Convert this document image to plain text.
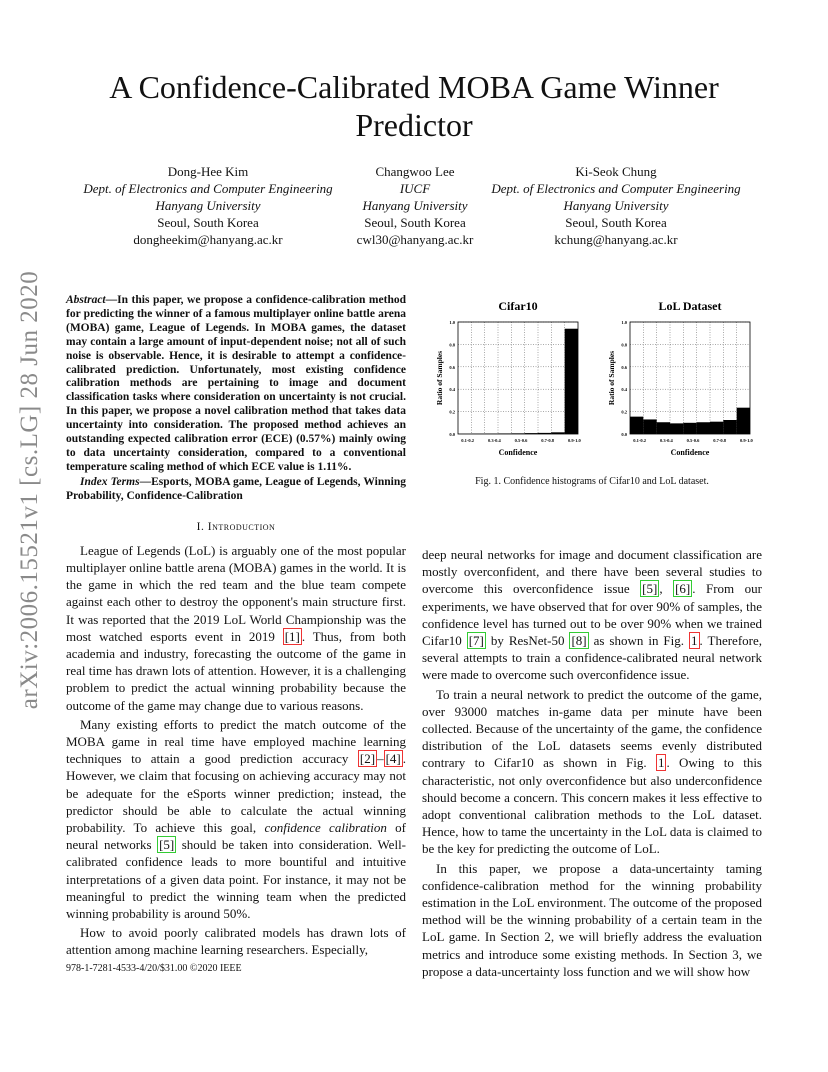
arXiv:2006.15521v1 [cs.LG] 28 Jun 2020
A Confidence-Calibrated MOBA Game Winner Predictor
Dong-Hee Kim
Dept. of Electronics and Computer Engineering
Hanyang University
Seoul, South Korea
dongheekim@hanyang.ac.kr
Changwoo Lee
IUCF
Hanyang University
Seoul, South Korea
cwl30@hanyang.ac.kr
Ki-Seok Chung
Dept. of Electronics and Computer Engineering
Hanyang University
Seoul, South Korea
kchung@hanyang.ac.kr
Abstract—In this paper, we propose a confidence-calibration method for predicting the winner of a famous multiplayer online battle arena (MOBA) game, League of Legends. In MOBA games, the dataset may contain a large amount of input-dependent noise; not all of such noise is observable. Hence, it is desirable to attempt a confidence-calibrated prediction. Unfortunately, most existing confidence calibration methods are pertaining to image and document classification tasks where consideration on uncertainty is not crucial. In this paper, we propose a novel calibration method that takes data uncertainty into consideration. The proposed method achieves an outstanding expected calibration error (ECE) (0.57%) mainly owing to data uncertainty consideration, compared to a conventional temperature scaling method of which ECE value is 1.11%.
Index Terms—Esports, MOBA game, League of Legends, Winning Probability, Confidence-Calibration
I. Introduction

League of Legends (LoL) is arguably one of the most popular multiplayer online battle arena (MOBA) games in the world. It is the game in which the red team and the blue team compete against each other to destroy the opponent's main structure first. It was reported that the 2019 LoL World Championship was the most watched esports event in 2019 [1] . Thus, from both academia and industry, forecasting the outcome of the game in real time has drawn lots of attention. However, it is a challenging problem to predict the actual winning probability because the outcome of the game may change due to various reasons.

Many existing efforts to predict the match outcome of the MOBA game in real time have employed machine learning techniques to attain a good prediction accuracy [2] – [4] . However, we claim that focusing on achieving accuracy may not be adequate for the eSports winner prediction; instead, the predictor should be able to calculate the actual winning probability. To achieve this goal, confidence calibration of neural networks [5] should be taken into consideration. Well-calibrated confidence leads to more bountiful and intuitive interpretations of a given data point. For instance, it may not be meaningful to predict the winning team when the predicted winning probability is around 50%.

How to avoid poorly calibrated models has drawn lots of attention among machine learning researchers. Especially,

978-1-7281-4533-4/20/$31.00 ©2020 IEEE
Cifar10
0.0
0.2
0.4
0.6
0.8
1.0
0.1-0.2	0.3-0.4	0.5-0.6	0.7-0.8	0.9-1.0
Confidence
Ratio of Samples
LoL Dataset
0.0
0.2
0.4
0.6
0.8
1.0
0.1-0.2	0.3-0.4	0.5-0.6	0.7-0.8	0.9-1.0
Confidence
Ratio of Samples
Fig. 1. Confidence histograms of Cifar10 and LoL dataset.

deep neural networks for image and document classification are mostly overconfident, and there have been several studies to overcome this overconfidence issue [5] , [6] . From our experiments, we have observed that for over 90% of samples, the confidence level has turned out to be over 90% when we trained Cifar10 [7] by ResNet-50 [8] as shown in Fig. 1 . Therefore, several attempts to train a confidence-calibrated neural network were made to overcome such overconfidence issue.

To train a neural network to predict the outcome of the game, over 93000 matches in-game data per minute have been collected. Because of the uncertainty of the game, the confidence distribution of the LoL datasets seems evenly distributed contrary to Cifar10 as shown in Fig. 1 . Owing to this characteristic, not only overconfidence but also underconfidence should become a concern. This concern makes it less effective to adopt conventional calibration methods to the LoL dataset. Hence, how to tame the uncertainty in the LoL data is claimed to be the key for predicting the outcome of LoL.

In this paper, we propose a data-uncertainty taming confidence-calibration method for the winning probability estimation in the LoL environment. The outcome of the proposed method will be the winning probability of a certain team in the LoL game. In Section 2, we will briefly address the evaluation metrics and introduce some existing methods. In Section 3, we propose a data-uncertainty loss function and we will show how
